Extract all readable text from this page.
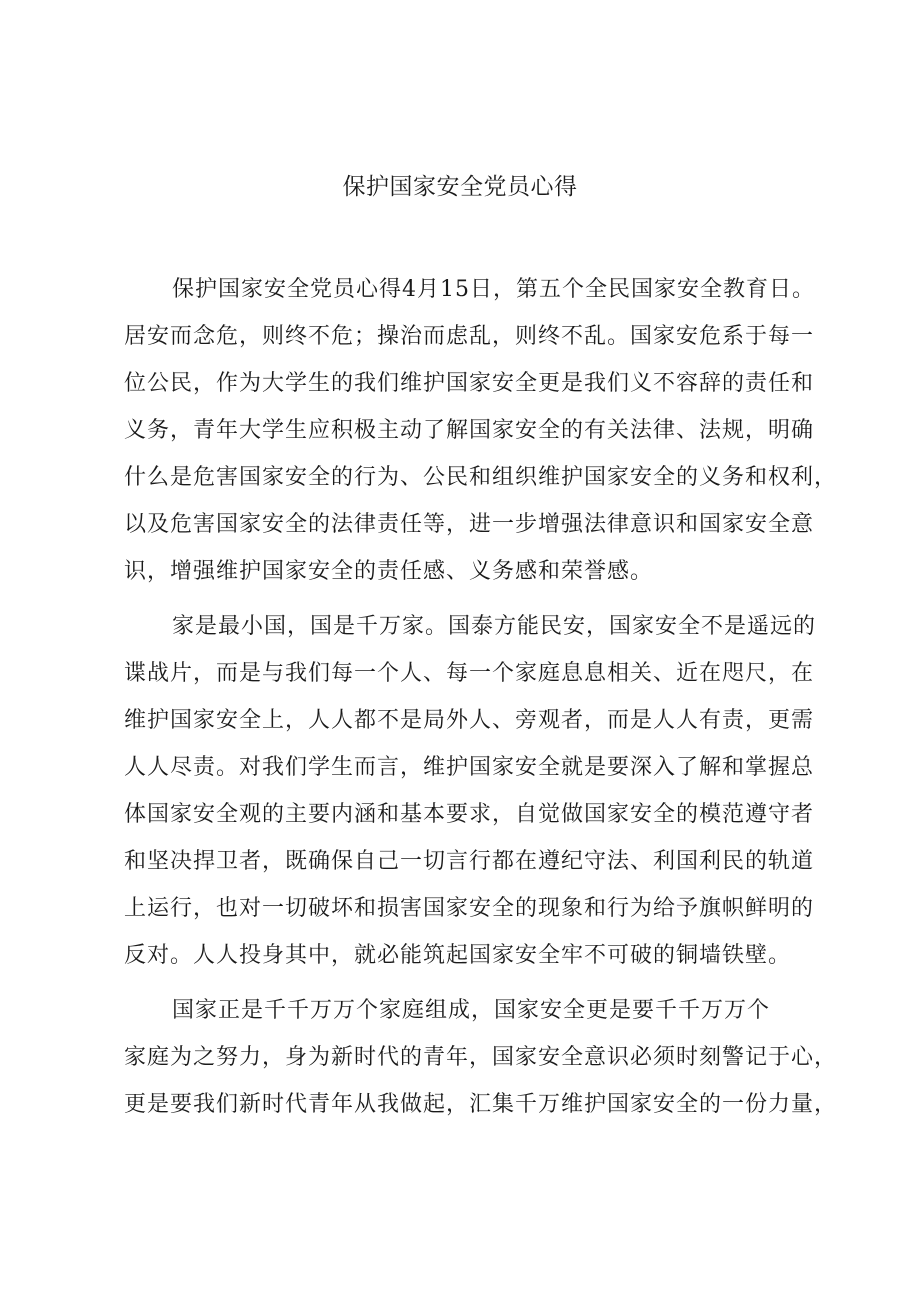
保护国家安全党员心得
保护国家安全党员心得4月15日，第五个全民国家安全教育日。
居安而念危，则终不危；操治而虑乱，则终不乱。国家安危系于每一
位公民，作为大学生的我们维护国家安全更是我们义不容辞的责任和
义务，青年大学生应积极主动了解国家安全的有关法律、法规，明确
什么是危害国家安全的行为、公民和组织维护国家安全的义务和权利，
以及危害国家安全的法律责任等，进一步增强法律意识和国家安全意
识，增强维护国家安全的责任感、义务感和荣誉感。
家是最小国，国是千万家。国泰方能民安，国家安全不是遥远的
谍战片，而是与我们每一个人、每一个家庭息息相关、近在咫尺，在
维护国家安全上，人人都不是局外人、旁观者，而是人人有责，更需
人人尽责。对我们学生而言，维护国家安全就是要深入了解和掌握总
体国家安全观的主要内涵和基本要求，自觉做国家安全的模范遵守者
和坚决捍卫者，既确保自己一切言行都在遵纪守法、利国利民的轨道
上运行，也对一切破坏和损害国家安全的现象和行为给予旗帜鲜明的
反对。人人投身其中，就必能筑起国家安全牢不可破的铜墙铁壁。
国家正是千千万万个家庭组成，国家安全更是要千千万万个
家庭为之努力，身为新时代的青年，国家安全意识必须时刻警记于心，
更是要我们新时代青年从我做起，汇集千万维护国家安全的一份力量，
